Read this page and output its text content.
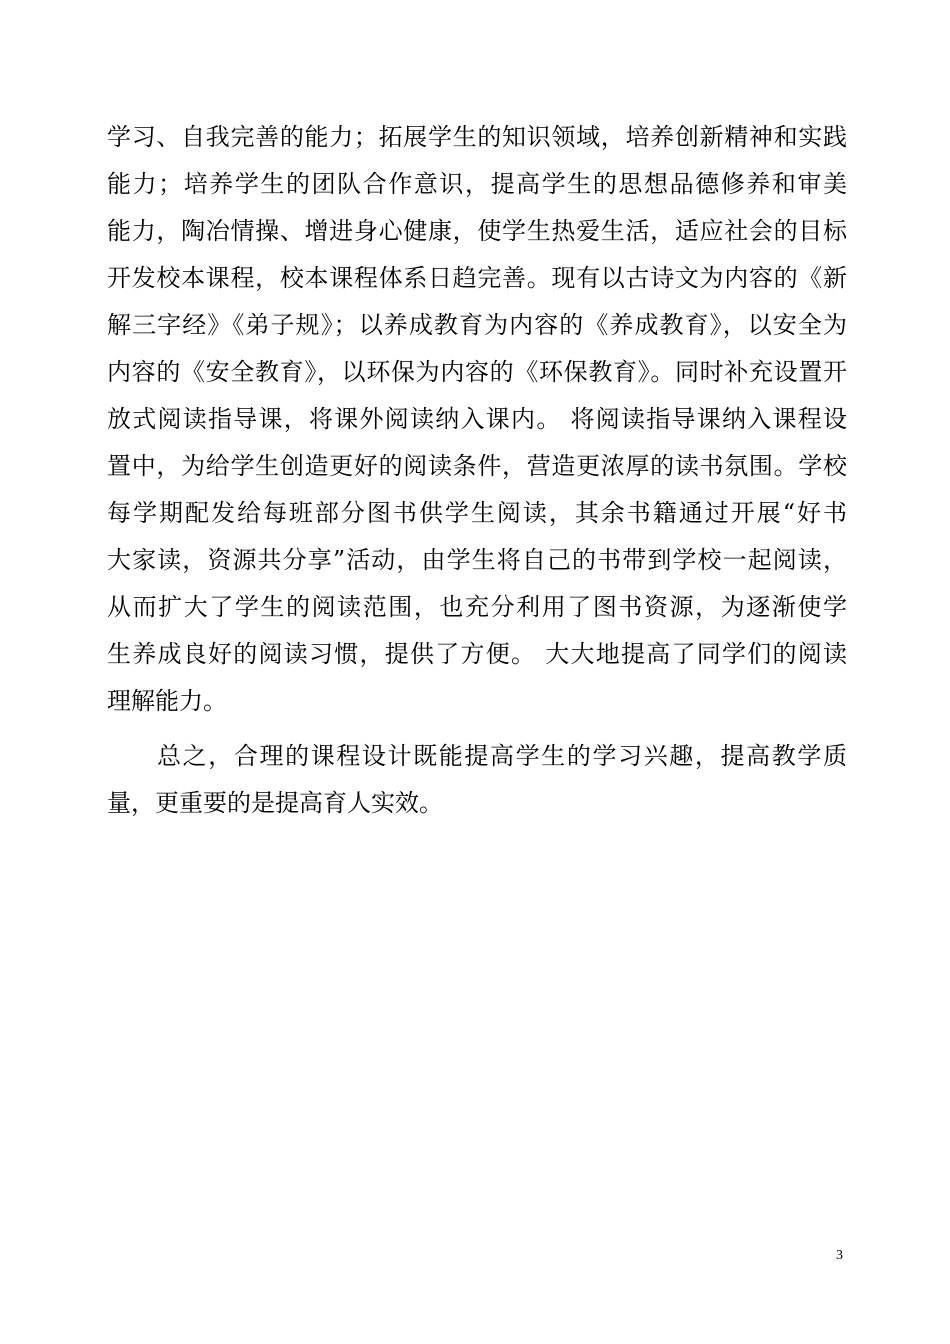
学习、自我完善的能力；拓展学生的知识领域，培养创新精神和实践
能力；培养学生的团队合作意识，提高学生的思想品德修养和审美
能力，陶冶情操、增进身心健康，使学生热爱生活，适应社会的目标
开发校本课程，校本课程体系日趋完善。现有以古诗文为内容的《新
解三字经》《弟子规》；以养成教育为内容的《养成教育》，以安全为
内容的《安全教育》，以环保为内容的《环保教育》。同时补充设置开
放式阅读指导课，将课外阅读纳入课内。 将阅读指导课纳入课程设
置中，为给学生创造更好的阅读条件，营造更浓厚的读书氛围。学校
每学期配发给每班部分图书供学生阅读，其余书籍通过开展“好书
大家读，资源共分享”活动，由学生将自己的书带到学校一起阅读，
从而扩大了学生的阅读范围，也充分利用了图书资源，为逐渐使学
生养成良好的阅读习惯，提供了方便。 大大地提高了同学们的阅读
理解能力。
总之，合理的课程设计既能提高学生的学习兴趣，提高教学质
量，更重要的是提高育人实效。
3
